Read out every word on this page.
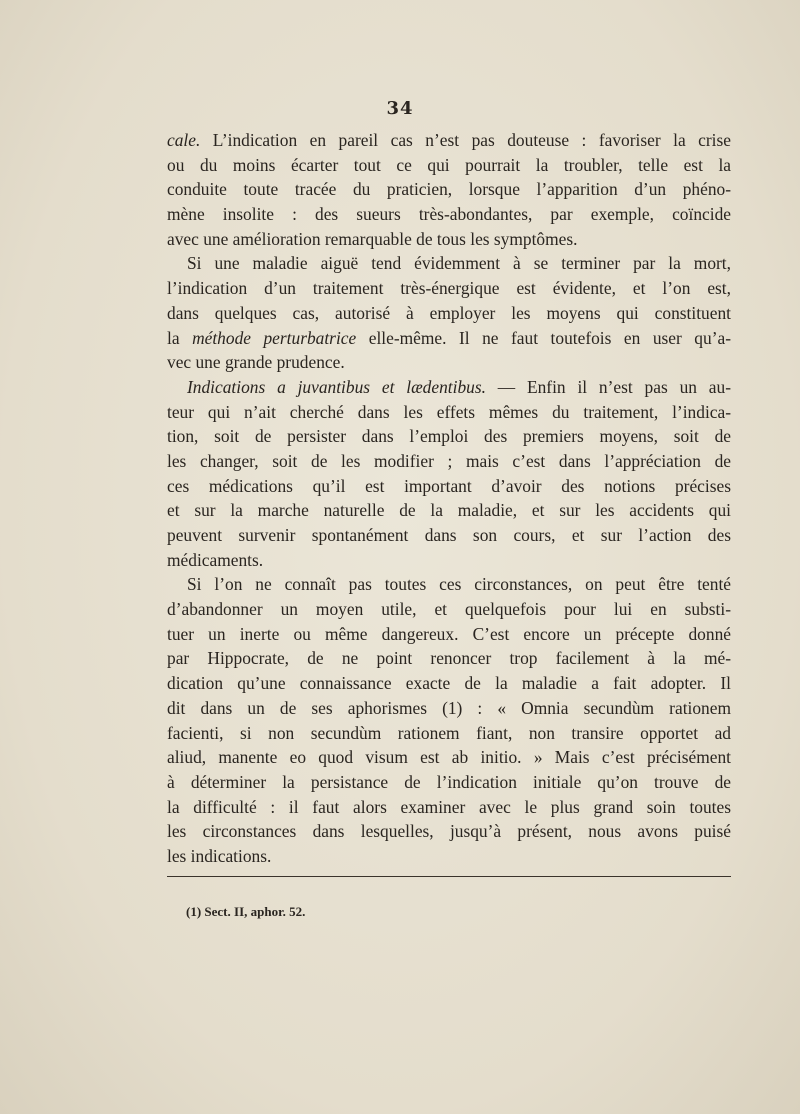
34
cale. L’indication en pareil cas n’est pas douteuse : favoriser la crise
ou du moins écarter tout ce qui pourrait la troubler, telle est la
conduite toute tracée du praticien, lorsque l’apparition d’un phéno-
mène insolite : des sueurs très-abondantes, par exemple, coïncide
avec une amélioration remarquable de tous les symptômes.
Si une maladie aiguë tend évidemment à se terminer par la mort,
l’indication d’un traitement très-énergique est évidente, et l’on est,
dans quelques cas, autorisé à employer les moyens qui constituent
la méthode perturbatrice elle-même. Il ne faut toutefois en user qu’a-
vec une grande prudence.
Indications a juvantibus et lædentibus. — Enfin il n’est pas un au-
teur qui n’ait cherché dans les effets mêmes du traitement, l’indica-
tion, soit de persister dans l’emploi des premiers moyens, soit de
les changer, soit de les modifier ; mais c’est dans l’appréciation de
ces médications qu’il est important d’avoir des notions précises
et sur la marche naturelle de la maladie, et sur les accidents qui
peuvent survenir spontanément dans son cours, et sur l’action des
médicaments.
Si l’on ne connaît pas toutes ces circonstances, on peut être tenté
d’abandonner un moyen utile, et quelquefois pour lui en substi-
tuer un inerte ou même dangereux. C’est encore un précepte donné
par Hippocrate, de ne point renoncer trop facilement à la mé-
dication qu’une connaissance exacte de la maladie a fait adopter. Il
dit dans un de ses aphorismes (1) : « Omnia secundùm rationem
facienti, si non secundùm rationem fiant, non transire opportet ad
aliud, manente eo quod visum est ab initio. » Mais c’est précisément
à déterminer la persistance de l’indication initiale qu’on trouve de
la difficulté : il faut alors examiner avec le plus grand soin toutes
les circonstances dans lesquelles, jusqu’à présent, nous avons puisé
les indications.
(1) Sect. II, aphor. 52.
